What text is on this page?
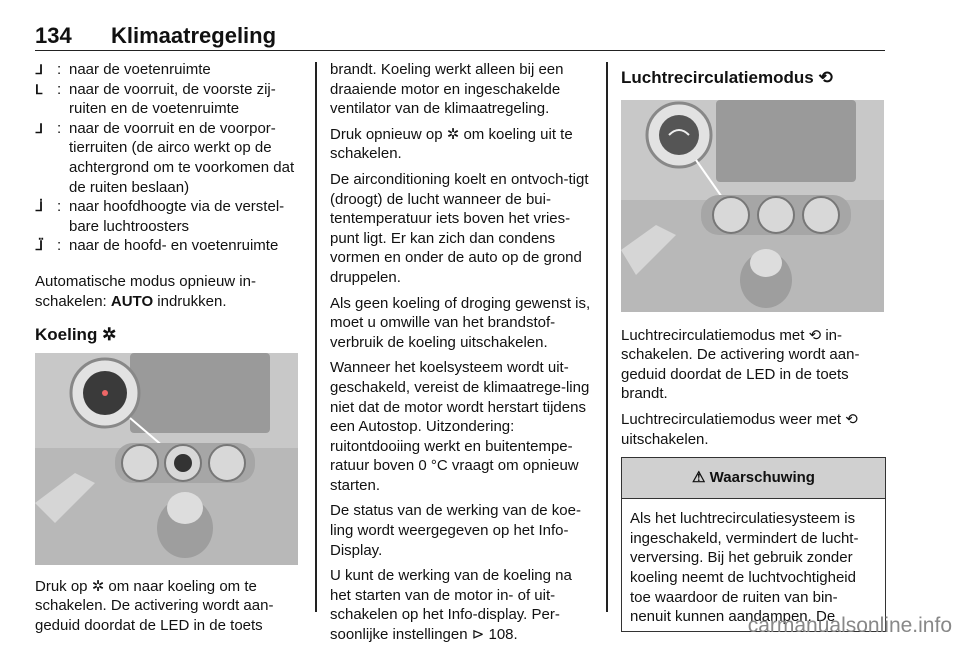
134 Klimaatregeling
ᒧ : naar de voetenruimte
ᒪ : naar de voorruit, de voorste zij-ruiten en de voetenruimte
ᒧ : naar de voorruit en de voorpor-tierruiten (de airco werkt op de achtergrond om te voorkomen dat de ruiten beslaan)
ᒨ : naar hoofdhoogte via de verstel-bare luchtroosters
ᒩ : naar de hoofd- en voetenruimte

Automatische modus opnieuw in-schakelen: AUTO indrukken.

Koeling ✲

Druk op ✲ om naar koeling om te schakelen. De activering wordt aan-geduid doordat de LED in de toets

brandt. Koeling werkt alleen bij een draaiende motor en ingeschakelde ventilator van de klimaatregeling.

Druk opnieuw op ✲ om koeling uit te schakelen.

De airconditioning koelt en ontvoch-tigt (droogt) de lucht wanneer de bui-tentemperatuur iets boven het vries-punt ligt. Er kan zich dan condens vormen en onder de auto op de grond druppelen.

Als geen koeling of droging gewenst is, moet u omwille van het brandstof-verbruik de koeling uitschakelen.

Wanneer het koelsysteem wordt uit-geschakeld, vereist de klimaatrege-ling niet dat de motor wordt herstart tijdens een Autostop. Uitzondering: ruitontdooiing werkt en buitentempe-ratuur boven 0 °C vraagt om opnieuw starten.

De status van de werking van de koe-ling wordt weergegeven op het Info-Display.

U kunt de werking van de koeling na het starten van de motor in- of uit-schakelen op het Info-display. Per-soonlijke instellingen ⊳ 108.

Luchtrecirculatiemodus ⟲

Luchtrecirculatiemodus met ⟲ in-schakelen. De activering wordt aan-geduid doordat de LED in de toets brandt.

Luchtrecirculatiemodus weer met ⟲ uitschakelen.

⚠ Waarschuwing
Als het luchtrecirculatiesysteem is ingeschakeld, vermindert de lucht-verversing. Bij het gebruik zonder koeling neemt de luchtvochtigheid toe waardoor de ruiten van bin-nenuit kunnen aandampen. De
carmanualsonline.info
